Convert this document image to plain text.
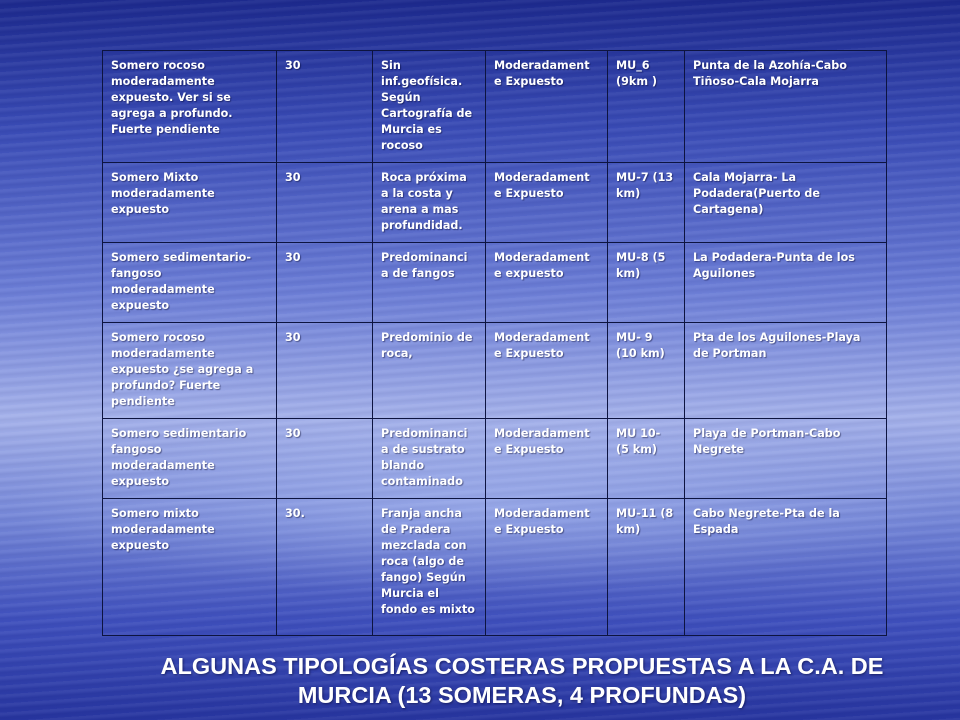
Somero rocoso moderadamente expuesto. Ver si se agrega a profundo. Fuerte pendiente	30	Sin inf.geofísica. Según Cartografía de Murcia es rocoso	Moderadament e Expuesto	MU_6 (9km )	Punta de la Azohía-Cabo Tiñoso-Cala Mojarra
Somero Mixto moderadamente expuesto	30	Roca próxima a la costa y arena a mas profundidad.	Moderadament e Expuesto	MU-7 (13 km)	Cala Mojarra- La Podadera(Puerto de Cartagena)
Somero sedimentario-fangoso moderadamente expuesto	30	Predominanci a de fangos	Moderadament e expuesto	MU-8 (5 km)	La Podadera-Punta de los Aguilones
Somero rocoso moderadamente expuesto ¿se agrega a profundo? Fuerte pendiente	30	Predominio de roca,	Moderadament e Expuesto	MU- 9 (10 km)	Pta de los Aguilones-Playa de Portman
Somero sedimentario fangoso moderadamente expuesto	30	Predominanci a de sustrato blando contaminado	Moderadament e Expuesto	MU 10- (5 km)	Playa de Portman-Cabo Negrete
Somero mixto moderadamente expuesto	30.	Franja ancha de Pradera mezclada con roca (algo de fango) Según Murcia el fondo es mixto	Moderadament e Expuesto	MU-11 (8 km)	Cabo Negrete-Pta de la Espada
ALGUNAS TIPOLOGÍAS COSTERAS PROPUESTAS A LA C.A. DE
MURCIA (13 SOMERAS, 4 PROFUNDAS)
